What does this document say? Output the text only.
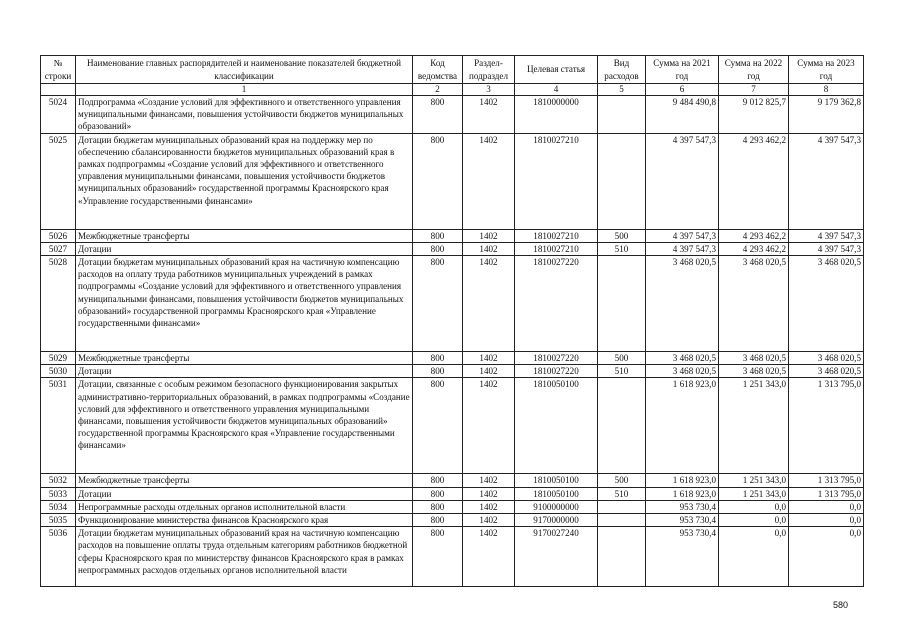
№ строки	Наименование главных распорядителей и наименование показателей бюджетной классификации	Код ведомства	Раздел-подраздел	Целевая статья	Вид расходов	Сумма на 2021 год	Сумма на 2022 год	Сумма на 2023 год
	1	2	3	4	5	6	7	8
5024	Подпрограмма «Создание условий для эффективного и ответственного управления муниципальными финансами, повышения устойчивости бюджетов муниципальных образований»	800	1402	1810000000		9 484 490,8	9 012 825,7	9 179 362,8
5025	Дотации бюджетам муниципальных образований края на поддержку мер по обеспечению сбалансированности бюджетов муниципальных образований края в рамках подпрограммы «Создание условий для эффективного и ответственного управления муниципальными финансами, повышения устойчивости бюджетов муниципальных образований» государственной программы Красноярского края «Управление государственными финансами»	800	1402	1810027210		4 397 547,3	4 293 462,2	4 397 547,3
5026	Межбюджетные трансферты	800	1402	1810027210	500	4 397 547,3	4 293 462,2	4 397 547,3
5027	Дотации	800	1402	1810027210	510	4 397 547,3	4 293 462,2	4 397 547,3
5028	Дотации бюджетам муниципальных образований края на частичную компенсацию расходов на оплату труда работников муниципальных учреждений в рамках подпрограммы «Создание условий для эффективного и ответственного управления муниципальными финансами, повышения устойчивости бюджетов муниципальных образований» государственной программы Красноярского края «Управление государственными финансами»	800	1402	1810027220		3 468 020,5	3 468 020,5	3 468 020,5
5029	Межбюджетные трансферты	800	1402	1810027220	500	3 468 020,5	3 468 020,5	3 468 020,5
5030	Дотации	800	1402	1810027220	510	3 468 020,5	3 468 020,5	3 468 020,5
5031	Дотации, связанные с особым режимом безопасного функционирования закрытых административно-территориальных образований, в рамках подпрограммы «Создание условий для эффективного и ответственного управления муниципальными финансами, повышения устойчивости бюджетов муниципальных образований» государственной программы Красноярского края «Управление государственными финансами»	800	1402	1810050100		1 618 923,0	1 251 343,0	1 313 795,0
5032	Межбюджетные трансферты	800	1402	1810050100	500	1 618 923,0	1 251 343,0	1 313 795,0
5033	Дотации	800	1402	1810050100	510	1 618 923,0	1 251 343,0	1 313 795,0
5034	Непрограммные расходы отдельных органов исполнительной власти	800	1402	9100000000		953 730,4	0,0	0,0
5035	Функционирование министерства финансов Красноярского края	800	1402	9170000000		953 730,4	0,0	0,0
5036	Дотации бюджетам муниципальных образований края на частичную компенсацию расходов на повышение оплаты труда отдельным категориям работников бюджетной сферы Красноярского края по министерству финансов Красноярского края в рамках непрограммных расходов отдельных органов исполнительной власти	800	1402	9170027240		953 730,4	0,0	0,0
580
